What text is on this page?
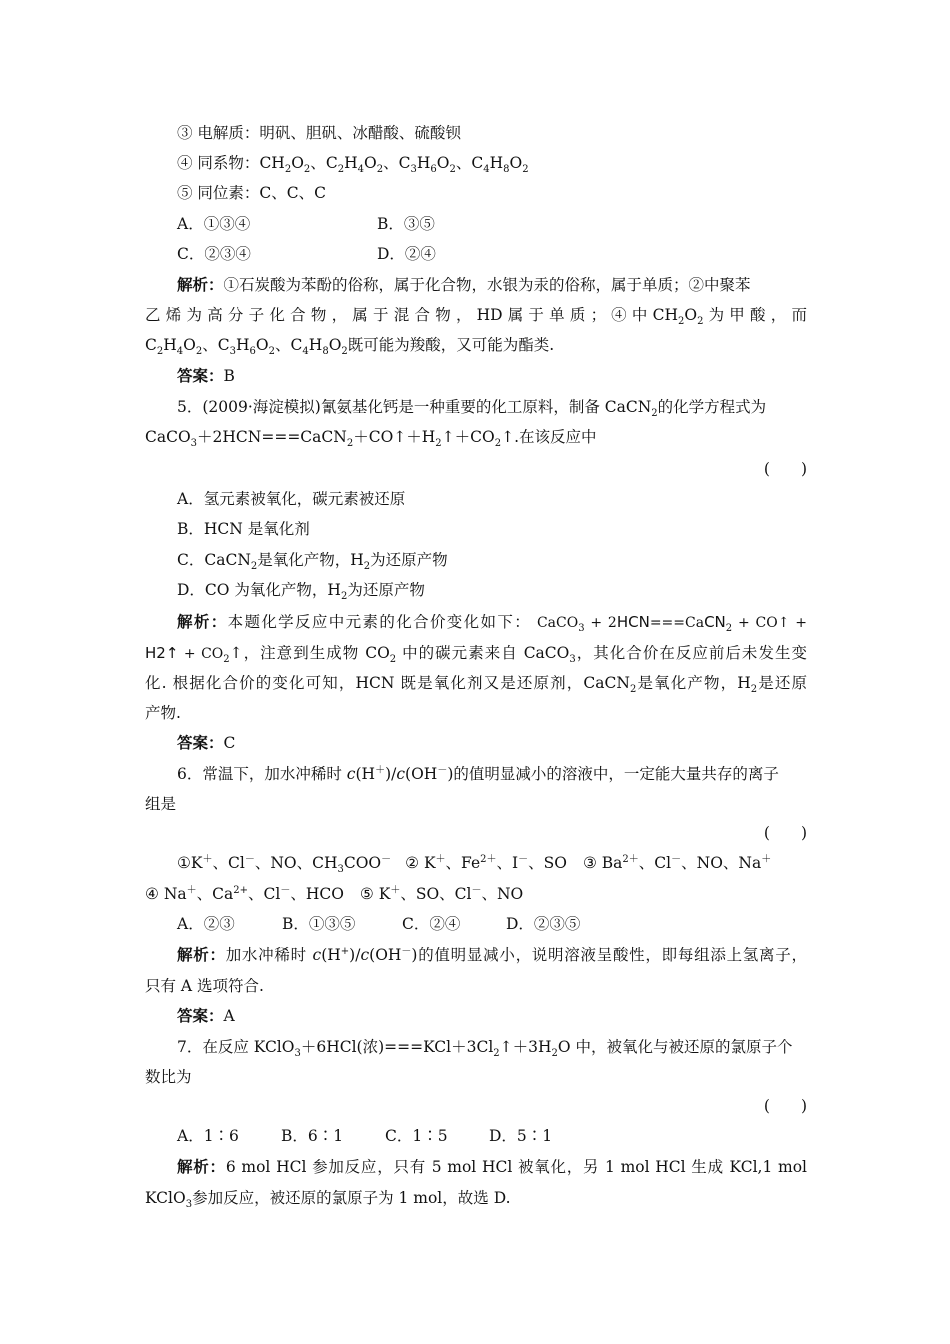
③ 电解质：明矾、胆矾、冰醋酸、硫酸钡
④ 同系物：$CH_2O_2$、$C_2H_4O_2$、$C_3H_6O_2$、$C_4H_8O_2$
⑤ 同位素：C、C、C
A．①③④	B．③⑤
C．②③④	D．②④
解析：①石炭酸为苯酚的俗称，属于化合物，水银为汞的俗称，属于单质；②中聚苯
乙 烯 为 高 分 子 化 合 物 ， 属 于 混 合 物 ， HD 属 于 单 质 ； ④ 中 $CH_2O_2$ 为 甲 酸 ， 而
$C_2H_4O_2$、$C_3H_6O_2$、$C_4H_8O_2$既可能为羧酸，又可能为酯类.
答案：B
5．(2009·海淀模拟)氰氨基化钙是一种重要的化工原料，制备 CaCN$_2$的化学方程式为
$CaCO_3+2HCN===CaCN_2+CO↑+H_2↑+CO_2↑$.在该反应中
(　　)
A．氢元素被氧化，碳元素被还原
B．HCN 是氧化剂
C．CaCN$_2$是氧化产物，$H_2$为还原产物
D．CO 为氧化产物，$H_2$为还原产物
解析：本题化学反应中元素的化合价变化如下： CaCO$_3$ + 2HCN===CaCN$_2$ + CO↑ +
H2↑ + $CO_2↑$，注意到生成物 $CO_2$ 中的碳元素来自 CaCO$_3$，其化合价在反应前后未发生变
化. 根据化合价的变化可知，HCN 既是氧化剂又是还原剂，CaCN$_2$是氧化产物，$H_2$是还原
产物.
答案：C
6．常温下，加水冲稀时 c(H＋)/c(OH－)的值明显减小的溶液中，一定能大量共存的离子
组是
(　　)
①K＋、Cl－、NO、$CH_3COO^-$ ② K＋、$Fe^{2+}$、I－、SO ③ $Ba^{2+}$、Cl－、NO、Na＋
④ Na＋、$Ca^{2+}$、Cl－、HCO ⑤ K＋、SO、Cl－、NO
A．②③	B．①③⑤	C．②④	D．②③⑤
解析：加水冲稀时 c(H+)/c(OH－)的值明显减小，说明溶液呈酸性，即每组添上氢离子，
只有 A 选项符合.
答案：A
7．在反应 KClO$_3$＋6HCl(浓)$===KCl+3Cl_2↑+3H_2O$ 中，被氧化与被还原的氯原子个
数比为
(　　)
A．1∶6	B．6∶1	C．1∶5	D．5∶1
解析：6 mol HCl 参加反应，只有 5 mol HCl 被氧化，另 1 mol HCl 生成 KCl,1 mol
KClO$_3$参加反应，被还原的氯原子为 1 mol，故选 D.
